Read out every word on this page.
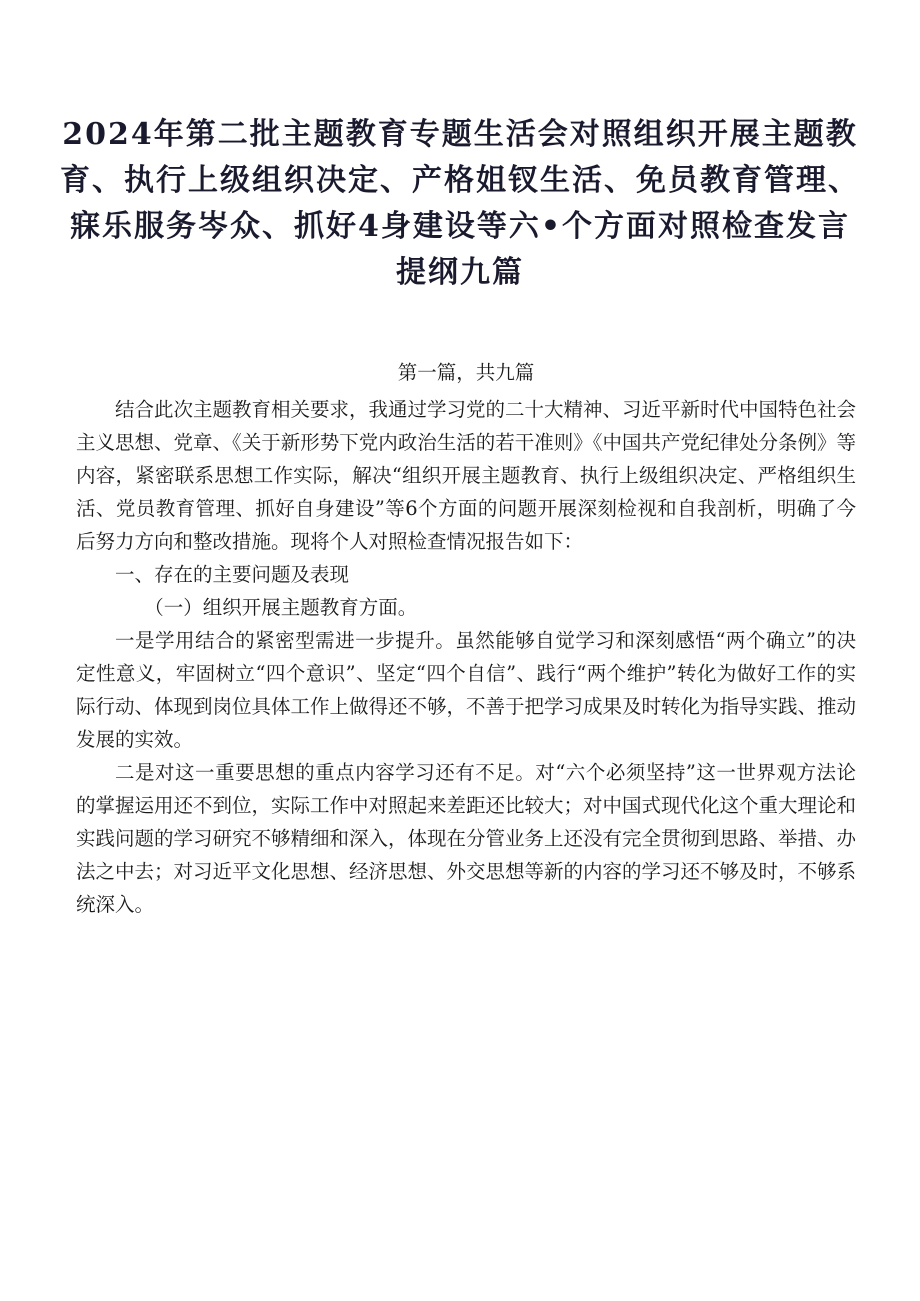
2024年第二批主题教育专题生活会对照组织开展主题教育、执行上级组织决定、产格姐钗生活、免员教育管理、寐乐服务岑众、抓好4身建设等六•个方面对照检查发言提纲九篇

第一篇，共九篇

结合此次主题教育相关要求，我通过学习党的二十大精神、习近平新时代中国特色社会主义思想、党章、《关于新形势下党内政治生活的若干准则》《中国共产党纪律处分条例》等内容，紧密联系思想工作实际，解决“组织开展主题教育、执行上级组织决定、严格组织生活、党员教育管理、抓好自身建设”等6个方面的问题开展深刻检视和自我剖析，明确了今后努力方向和整改措施。现将个人对照检查情况报告如下：

一、存在的主要问题及表现

（一）组织开展主题教育方面。

一是学用结合的紧密型需进一步提升。虽然能够自觉学习和深刻感悟“两个确立”的决定性意义，牢固树立“四个意识”、坚定“四个自信”、践行“两个维护”转化为做好工作的实际行动、体现到岗位具体工作上做得还不够，不善于把学习成果及时转化为指导实践、推动发展的实效。

二是对这一重要思想的重点内容学习还有不足。对“六个必须坚持”这一世界观方法论的掌握运用还不到位，实际工作中对照起来差距还比较大；对中国式现代化这个重大理论和实践问题的学习研究不够精细和深入，体现在分管业务上还没有完全贯彻到思路、举措、办法之中去；对习近平文化思想、经济思想、外交思想等新的内容的学习还不够及时，不够系统深入。
